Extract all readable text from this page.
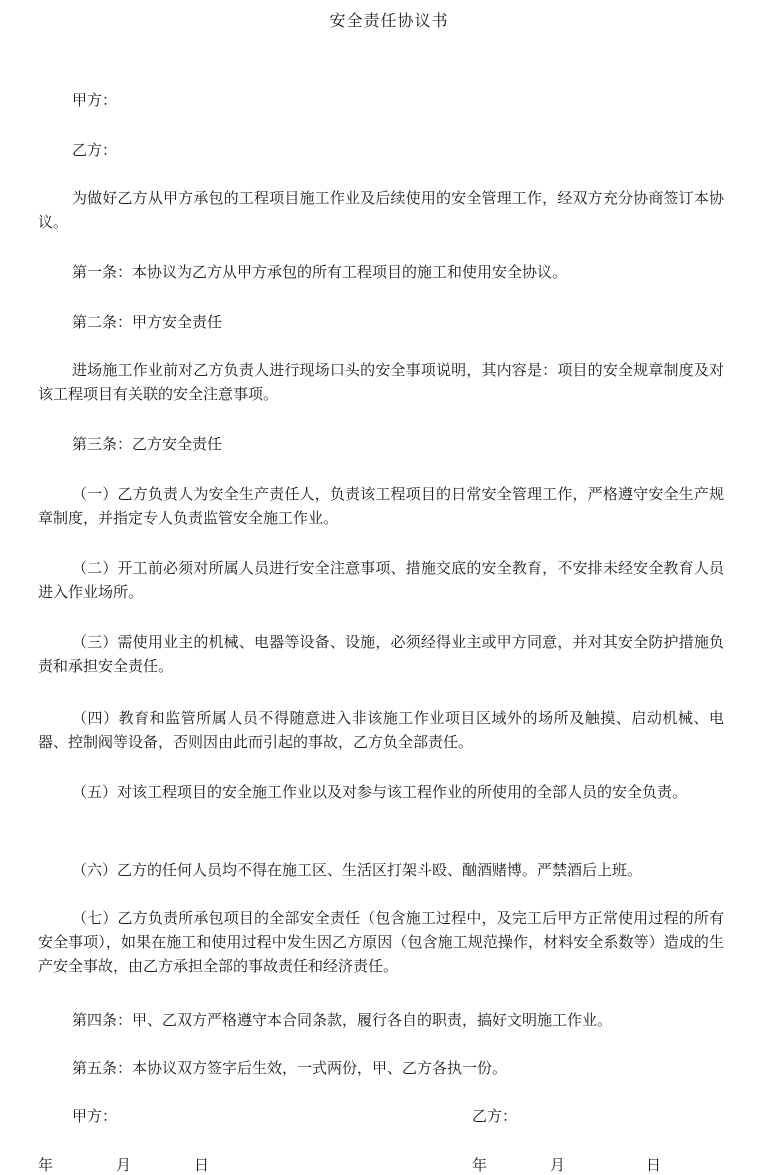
安全责任协议书
甲方：
乙方：
为做好乙方从甲方承包的工程项目施工作业及后续使用的安全管理工作，经双方充分协商签订本协议。
第一条：本协议为乙方从甲方承包的所有工程项目的施工和使用安全协议。
第二条：甲方安全责任
进场施工作业前对乙方负责人进行现场口头的安全事项说明，其内容是：项目的安全规章制度及对该工程项目有关联的安全注意事项。
第三条：乙方安全责任
（一）乙方负责人为安全生产责任人，负责该工程项目的日常安全管理工作，严格遵守安全生产规章制度，并指定专人负责监管安全施工作业。
（二）开工前必须对所属人员进行安全注意事项、措施交底的安全教育，不安排未经安全教育人员进入作业场所。
（三）需使用业主的机械、电器等设备、设施，必须经得业主或甲方同意，并对其安全防护措施负责和承担安全责任。
（四）教育和监管所属人员不得随意进入非该施工作业项目区域外的场所及触摸、启动机械、电器、控制阀等设备，否则因由此而引起的事故，乙方负全部责任。
（五）对该工程项目的安全施工作业以及对参与该工程作业的所使用的全部人员的安全负责。
（六）乙方的任何人员均不得在施工区、生活区打架斗殴、酗酒赌博。严禁酒后上班。
（七）乙方负责所承包项目的全部安全责任（包含施工过程中，及完工后甲方正常使用过程的所有安全事项），如果在施工和使用过程中发生因乙方原因（包含施工规范操作，材料安全系数等）造成的生产安全事故，由乙方承担全部的事故责任和经济责任。
第四条：甲、乙双方严格遵守本合同条款，履行各自的职责，搞好文明施工作业。
第五条：本协议双方签字后生效，一式两份，甲、乙方各执一份。
甲方：	乙方：
年	月	日	年	月	日
